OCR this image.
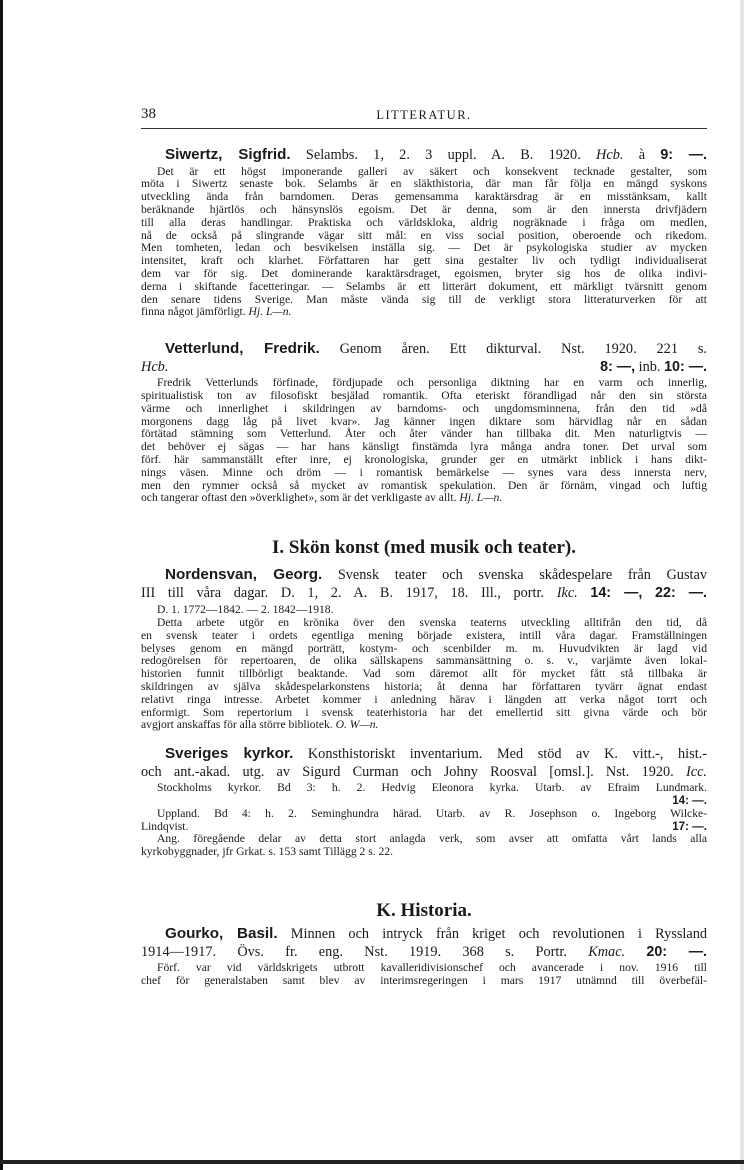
38	LITTERATUR.
Siwertz, Sigfrid. Selambs. 1, 2. 3 uppl. A. B. 1920. Hcb. à 9: —.
Det är ett högst imponerande galleri av säkert och konsekvent tecknade gestalter, som
möta i Siwertz senaste bok. Selambs är en släkthistoria, där man får följa en mängd syskons
utveckling ända från barndomen. Deras gemensamma karaktärsdrag är en misstänksam, kallt
beräknande hjärtlös och hänsynslös egoism. Det är denna, som är den innersta drivfjädern
till alla deras handlingar. Praktiska och världskloka, aldrig nogräknade i fråga om medlen,
nå de också på slingrande vägar sitt mål: en viss social position, oberoende och rikedom.
Men tomheten, ledan och besvikelsen inställa sig. — Det är psykologiska studier av mycken
intensitet, kraft och klarhet. Författaren har gett sina gestalter liv och tydligt individualiserat
dem var för sig. Det dominerande karaktärsdraget, egoismen, bryter sig hos de olika indivi-
derna i skiftande facetteringar. — Selambs är ett litterärt dokument, ett märkligt tvärsnitt genom
den senare tidens Sverige. Man måste vända sig till de verkligt stora litteraturverken för att
finna något jämförligt. Hj. L—n.
Vetterlund, Fredrik. Genom åren. Ett dikturval. Nst. 1920. 221 s.
Hcb.	8: —, inb. 10: —.
Fredrik Vetterlunds förfinade, fördjupade och personliga diktning har en varm och innerlig,
spiritualistisk ton av filosofiskt besjälad romantik. Ofta eteriskt förandligad når den sin största
värme och innerlighet i skildringen av barndoms- och ungdomsminnena, från den tid »då
morgonens dagg låg på livet kvar». Jag känner ingen diktare som härvidlag når en sådan
förtätad stämning som Vetterlund. Åter och åter vänder han tillbaka dit. Men naturligtvis —
det behöver ej sägas — har hans känsligt finstämda lyra många andra toner. Det urval som
förf. här sammanställt efter inre, ej kronologiska, grunder ger en utmärkt inblick i hans dikt-
nings väsen. Minne och dröm — i romantisk bemärkelse — synes vara dess innersta nerv,
men den rymmer också så mycket av romantisk spekulation. Den är förnäm, vingad och luftig
och tangerar oftast den »överklighet», som är det verkligaste av allt. Hj. L—n.
I. Skön konst (med musik och teater).
Nordensvan, Georg. Svensk teater och svenska skådespelare från Gustav
III till våra dagar. D. 1, 2. A. B. 1917, 18. Ill., portr. Ikc. 14: —, 22: —.
D. 1. 1772—1842. — 2. 1842—1918.
Detta arbete utgör en krönika över den svenska teaterns utveckling alltifrån den tid, då
en svensk teater i ordets egentliga mening började existera, intill våra dagar. Framställningen
belyses genom en mängd porträtt, kostym- och scenbilder m. m. Huvudvikten är lagd vid
redogörelsen för repertoaren, de olika sällskapens sammansättning o. s. v., varjämte även lokal-
historien funnit tillbörligt beaktande. Vad som däremot allt för mycket fått stå tillbaka är
skildringen av själva skådespelarkonstens historia; åt denna har författaren tyvärr ägnat endast
relativt ringa intresse. Arbetet kommer i anledning härav i längden att verka något torrt och
enformigt. Som repertorium i svensk teaterhistoria har det emellertid sitt givna värde och bör
avgjort anskaffas för alla större bibliotek. O. W—n.
Sveriges kyrkor. Konsthistoriskt inventarium. Med stöd av K. vitt.-, hist.-
och ant.-akad. utg. av Sigurd Curman och Johny Roosval [omsl.]. Nst. 1920. Icc.
Stockholms kyrkor. Bd 3: h. 2. Hedvig Eleonora kyrka. Utarb. av Efraim Lundmark.
14: —.
Uppland. Bd 4: h. 2. Seminghundra härad. Utarb. av R. Josephson o. Ingeborg Wilcke-
Lindqvist.	17: —.
Ang. föregående delar av detta stort anlagda verk, som avser att omfatta vårt lands alla
kyrkobyggnader, jfr Grkat. s. 153 samt Tillägg 2 s. 22.
K. Historia.
Gourko, Basil. Minnen och intryck från kriget och revolutionen i Ryssland
1914—1917. Övs. fr. eng. Nst. 1919. 368 s. Portr. Kmac. 20: —.
Förf. var vid världskrigets utbrott kavalleridivisionschef och avancerade i nov. 1916 till
chef för generalstaben samt blev av interimsregeringen i mars 1917 utnämnd till överbefäl-
